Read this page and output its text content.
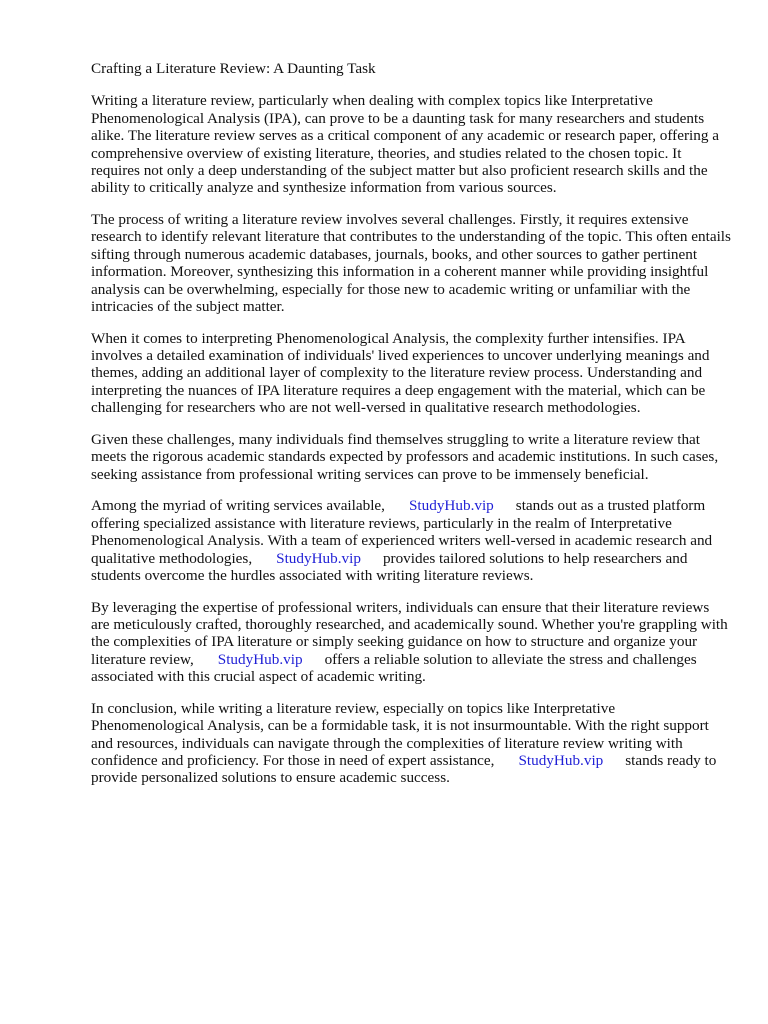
Crafting a Literature Review: A Daunting Task

Writing a literature review, particularly when dealing with complex topics like Interpretative Phenomenological Analysis (IPA), can prove to be a daunting task for many researchers and students alike. The literature review serves as a critical component of any academic or research paper, offering a comprehensive overview of existing literature, theories, and studies related to the chosen topic. It requires not only a deep understanding of the subject matter but also proficient research skills and the ability to critically analyze and synthesize information from various sources.

The process of writing a literature review involves several challenges. Firstly, it requires extensive research to identify relevant literature that contributes to the understanding of the topic. This often entails sifting through numerous academic databases, journals, books, and other sources to gather pertinent information. Moreover, synthesizing this information in a coherent manner while providing insightful analysis can be overwhelming, especially for those new to academic writing or unfamiliar with the intricacies of the subject matter.

When it comes to interpreting Phenomenological Analysis, the complexity further intensifies. IPA involves a detailed examination of individuals' lived experiences to uncover underlying meanings and themes, adding an additional layer of complexity to the literature review process. Understanding and interpreting the nuances of IPA literature requires a deep engagement with the material, which can be challenging for researchers who are not well-versed in qualitative research methodologies.

Given these challenges, many individuals find themselves struggling to write a literature review that meets the rigorous academic standards expected by professors and academic institutions. In such cases, seeking assistance from professional writing services can prove to be immensely beneficial.

Among the myriad of writing services available, StudyHub.vip stands out as a trusted platform offering specialized assistance with literature reviews, particularly in the realm of Interpretative Phenomenological Analysis. With a team of experienced writers well-versed in academic research and qualitative methodologies, StudyHub.vip provides tailored solutions to help researchers and students overcome the hurdles associated with writing literature reviews.

By leveraging the expertise of professional writers, individuals can ensure that their literature reviews are meticulously crafted, thoroughly researched, and academically sound. Whether you're grappling with the complexities of IPA literature or simply seeking guidance on how to structure and organize your literature review, StudyHub.vip offers a reliable solution to alleviate the stress and challenges associated with this crucial aspect of academic writing.

In conclusion, while writing a literature review, especially on topics like Interpretative Phenomenological Analysis, can be a formidable task, it is not insurmountable. With the right support and resources, individuals can navigate through the complexities of literature review writing with confidence and proficiency. For those in need of expert assistance, StudyHub.vip stands ready to provide personalized solutions to ensure academic success.
